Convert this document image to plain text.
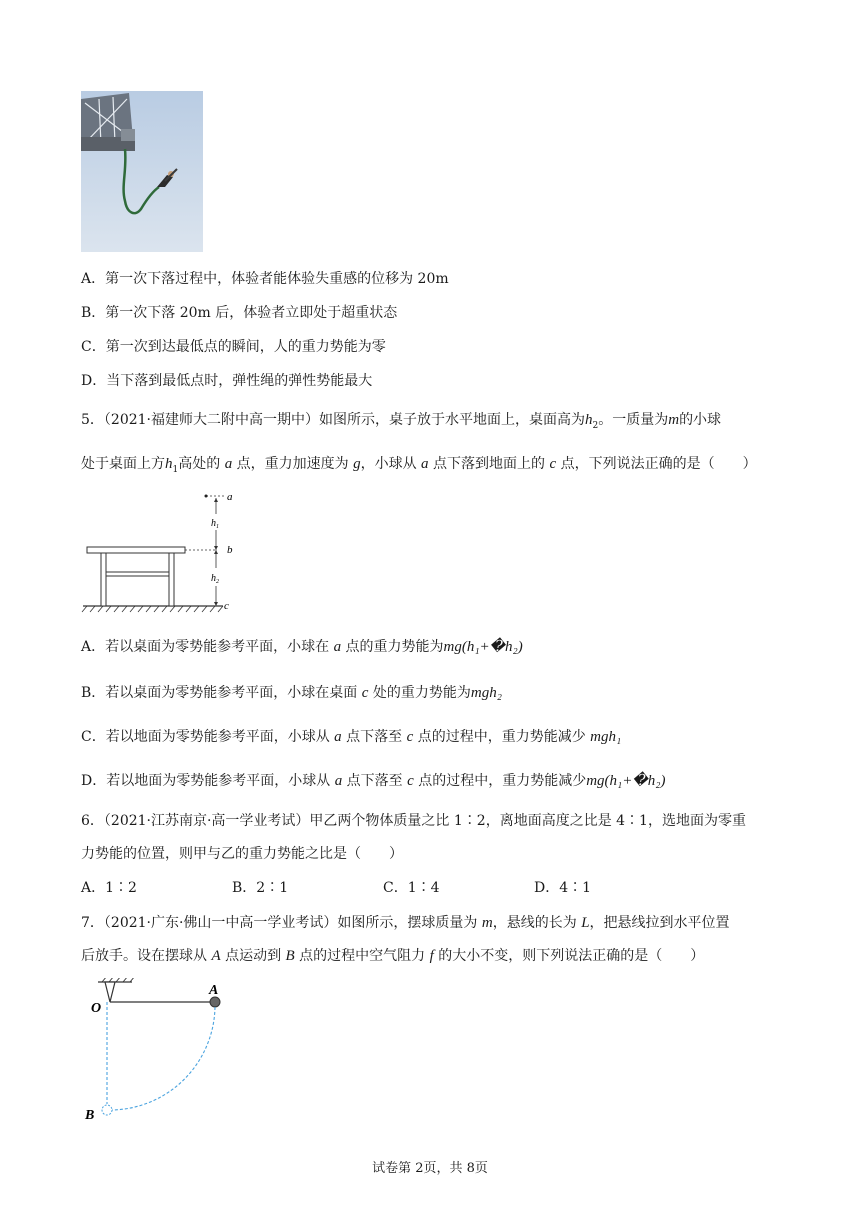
A．第一次下落过程中，体验者能体验失重感的位移为 20m
B．第一次下落 20m 后，体验者立即处于超重状态
C．第一次到达最低点的瞬间，人的重力势能为零
D．当下落到最低点时，弹性绳的弹性势能最大
5．（2021·福建师大二附中高一期中）如图所示，桌子放于水平地面上，桌面高为$h_2$。一质量为m的小球
处于桌面上方$h_1$高处的 a 点，重力加速度为 g，小球从 a 点下落到地面上的 c 点，下列说法正确的是（　　）
$h_1$
$h_2$
a
b
c
A．若以桌面为零势能参考平面，小球在 a 点的重力势能为mg(h₁+�h₂)
B．若以桌面为零势能参考平面，小球在桌面 c 处的重力势能为mgh₂
C．若以地面为零势能参考平面，小球从 a 点下落至 c 点的过程中，重力势能减少 mgh₁
D．若以地面为零势能参考平面，小球从 a 点下落至 c 点的过程中，重力势能减少mg(h₁+�h₂)
6．（2021·江苏南京·高一学业考试）甲乙两个物体质量之比 1∶2，离地面高度之比是 4∶1，选地面为零重
力势能的位置，则甲与乙的重力势能之比是（　　）
A．1∶2	B．2∶1	C．1∶4	D．4∶1
7．（2021·广东·佛山一中高一学业考试）如图所示，摆球质量为 m，悬线的长为 L，把悬线拉到水平位置
后放手。设在摆球从 A 点运动到 B 点的过程中空气阻力 f 的大小不变，则下列说法正确的是（　　）
O
A
B
试卷第 2页，共 8页
